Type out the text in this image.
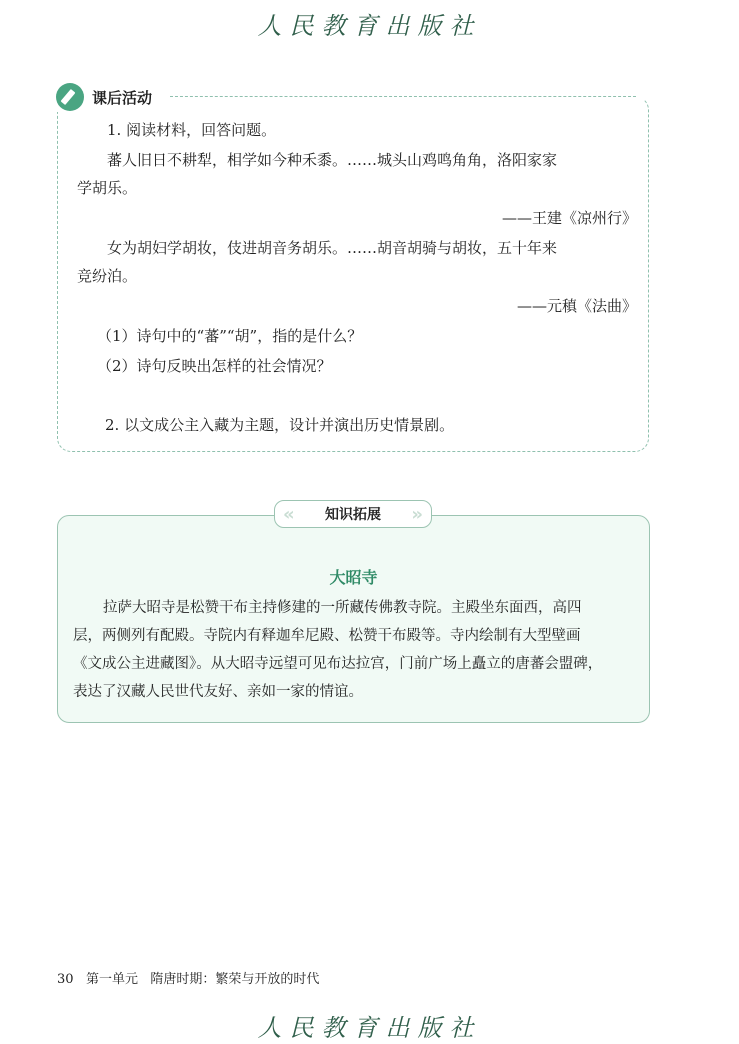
人民教育出版社
课后活动
1. 阅读材料，回答问题。
蕃人旧日不耕犁，相学如今种禾黍。……城头山鸡鸣角角，洛阳家家
学胡乐。
——王建《凉州行》
女为胡妇学胡妆，伎进胡音务胡乐。……胡音胡骑与胡妆，五十年来
竞纷泊。
——元稹《法曲》
（1）诗句中的“蕃”“胡”，指的是什么？
（2）诗句反映出怎样的社会情况？
2. 以文成公主入藏为主题，设计并演出历史情景剧。
« 知识拓展 »
大昭寺
拉萨大昭寺是松赞干布主持修建的一所藏传佛教寺院。主殿坐东面西，高四
层，两侧列有配殿。寺院内有释迦牟尼殿、松赞干布殿等。寺内绘制有大型壁画
《文成公主进藏图》。从大昭寺远望可见布达拉宫，门前广场上矗立的唐蕃会盟碑，
表达了汉藏人民世代友好、亲如一家的情谊。
30 第一单元 隋唐时期：繁荣与开放的时代
人民教育出版社
